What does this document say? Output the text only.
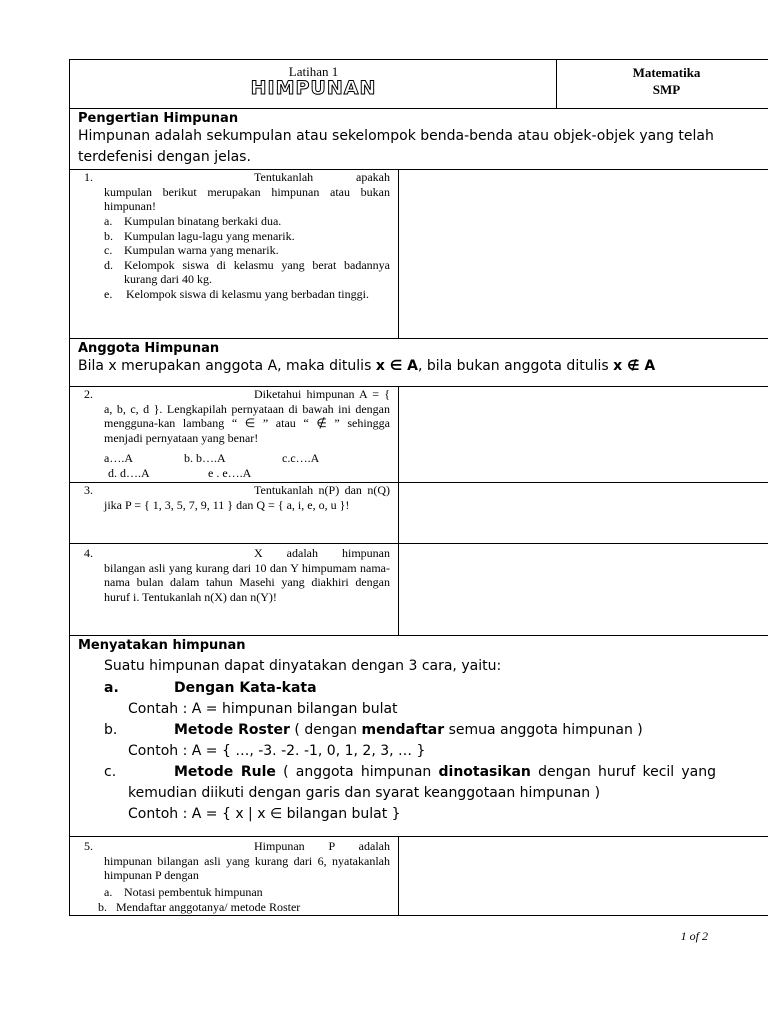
Latihan 1
HIMPUNAN
Matematika
SMP
Pengertian Himpunan
Himpunan adalah sekumpulan atau sekelompok benda-benda atau objek-objek yang telah terdefenisi dengan jelas.
1.	Tentukanlah apakah kumpulan berikut merupakan himpunan atau bukan himpunan!
a. Kumpulan binatang berkaki dua.
b. Kumpulan lagu-lagu yang menarik.
c. Kumpulan warna yang menarik.
d. Kelompok siswa di kelasmu yang berat badannya kurang dari 40 kg.
e.	Kelompok siswa di kelasmu yang berbadan tinggi.
Anggota Himpunan
Bila x merupakan anggota A, maka ditulis x ∈ A, bila bukan anggota ditulis x ∉ A
2.	Diketahui himpunan A = { a, b, c, d }. Lengkapilah pernyataan di bawah ini dengan mengguna-kan lambang “ ∈ ” atau “ ∉ ” sehingga menjadi pernyataan yang benar!
a….A	b. b….A	c.c….A
d. d….A	e . e….A
3.	Tentukanlah n(P) dan n(Q) jika P = { 1, 3, 5, 7, 9, 11 } dan Q = { a, i, e, o, u }!
4.	X adalah himpunan bilangan asli yang kurang dari 10 dan Y himpumam nama-nama bulan dalam tahun Masehi yang diakhiri dengan huruf i. Tentukanlah n(X) dan n(Y)!
Menyatakan himpunan
Suatu himpunan dapat dinyatakan dengan 3 cara, yaitu:
a.	Dengan Kata-kata
Contah : A = himpunan bilangan bulat
b.	Metode Roster ( dengan mendaftar semua anggota himpunan )
Contoh : A = { …, -3. -2. -1, 0, 1, 2, 3, … }
c.	Metode Rule ( anggota himpunan dinotasikan dengan huruf kecil yang kemudian diikuti dengan garis dan syarat keanggotaan himpunan )
Contoh : A = { x | x ∈ bilangan bulat }
5.	Himpunan P adalah himpunan bilangan asli yang kurang dari 6, nyatakanlah himpunan P dengan
a. Notasi pembentuk himpunan
b. Mendaftar anggotanya/ metode Roster
1 of 2
